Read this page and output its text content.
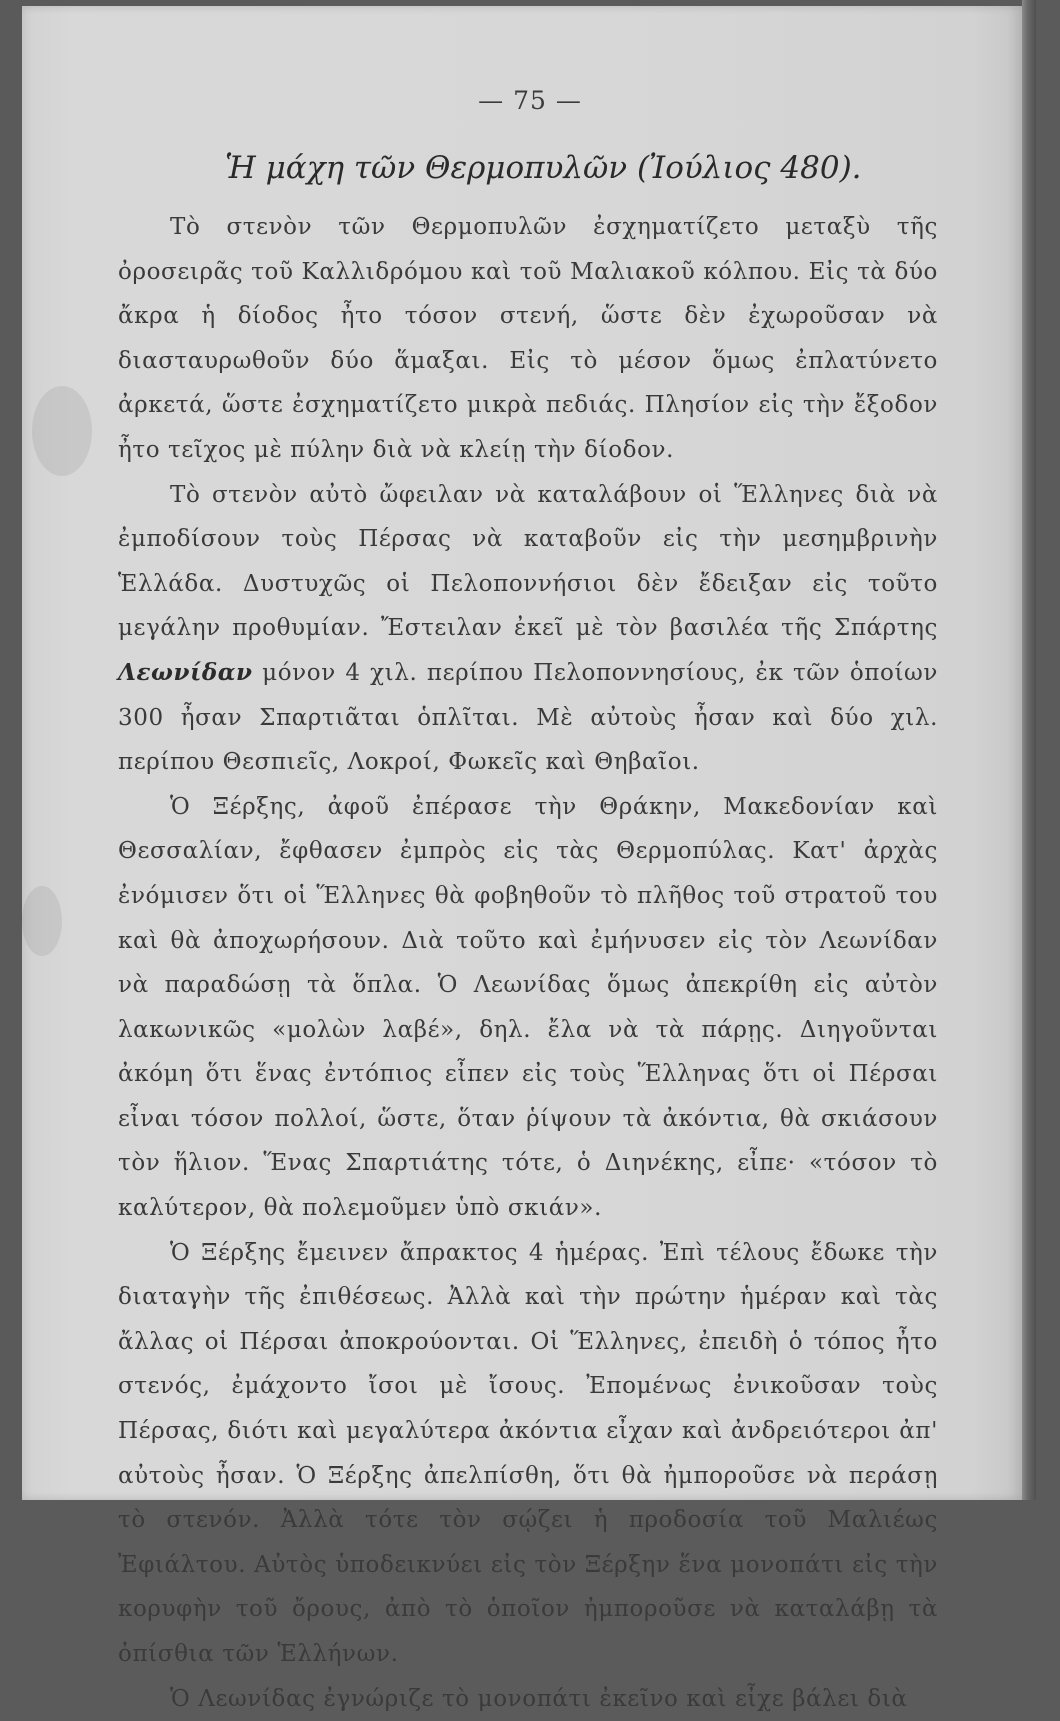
— 75 —
Ἡ μάχη τῶν Θερμοπυλῶν (Ἰούλιος 480).

Τὸ στενὸν τῶν Θερμοπυλῶν ἐσχηματίζετο μεταξὺ τῆς ὀροσειρᾶς τοῦ Καλλιδρόμου καὶ τοῦ Μαλιακοῦ κόλπου. Εἰς τὰ δύο ἄκρα ἡ δίοδος ἦτο τόσον στενή, ὥστε δὲν ἐχωροῦσαν νὰ διασταυρωθοῦν δύο ἅμαξαι. Εἰς τὸ μέσον ὅμως ἐπλατύνετο ἀρκετά, ὥστε ἐσχηματίζετο μικρὰ πεδιάς. Πλησίον εἰς τὴν ἔξοδον ἦτο τεῖχος μὲ πύλην διὰ νὰ κλείῃ τὴν δίοδον.

Τὸ στενὸν αὐτὸ ὤφειλαν νὰ καταλάβουν οἱ Ἕλληνες διὰ νὰ ἐμποδίσουν τοὺς Πέρσας νὰ καταβοῦν εἰς τὴν μεσημβρινὴν Ἑλλάδα. Δυστυχῶς οἱ Πελοποννήσιοι δὲν ἔδειξαν εἰς τοῦτο μεγάλην προθυμίαν. Ἔστειλαν ἐκεῖ μὲ τὸν βασιλέα τῆς Σπάρτης Λεωνίδαν μόνον 4 χιλ. περίπου Πελοποννησίους, ἐκ τῶν ὁποίων 300 ἦσαν Σπαρτιᾶται ὁπλῖται. Μὲ αὐτοὺς ἦσαν καὶ δύο χιλ. περίπου Θεσπιεῖς, Λοκροί, Φωκεῖς καὶ Θηβαῖοι.

Ὁ Ξέρξης, ἀφοῦ ἐπέρασε τὴν Θράκην, Μακεδονίαν καὶ Θεσσαλίαν, ἔφθασεν ἐμπρὸς εἰς τὰς Θερμοπύλας. Κατ' ἀρχὰς ἐνόμισεν ὅτι οἱ Ἕλληνες θὰ φοβηθοῦν τὸ πλῆθος τοῦ στρατοῦ του καὶ θὰ ἀποχωρήσουν. Διὰ τοῦτο καὶ ἐμήνυσεν εἰς τὸν Λεωνίδαν νὰ παραδώσῃ τὰ ὅπλα. Ὁ Λεωνίδας ὅμως ἀπεκρίθη εἰς αὐτὸν λακωνικῶς «μολὼν λαβέ», δηλ. ἔλα νὰ τὰ πάρῃς. Διηγοῦνται ἀκόμη ὅτι ἕνας ἐντόπιος εἶπεν εἰς τοὺς Ἕλληνας ὅτι οἱ Πέρσαι εἶναι τόσον πολλοί, ὥστε, ὅταν ῥίψουν τὰ ἀκόντια, θὰ σκιάσουν τὸν ἥλιον. Ἕνας Σπαρτιάτης τότε, ὁ Διηνέκης, εἶπε· «τόσον τὸ καλύτερον, θὰ πολεμοῦμεν ὑπὸ σκιάν».

Ὁ Ξέρξης ἔμεινεν ἄπρακτος 4 ἡμέρας. Ἐπὶ τέλους ἔδωκε τὴν διαταγὴν τῆς ἐπιθέσεως. Ἀλλὰ καὶ τὴν πρώτην ἡμέραν καὶ τὰς ἄλλας οἱ Πέρσαι ἀποκρούονται. Οἱ Ἕλληνες, ἐπειδὴ ὁ τόπος ἦτο στενός, ἐμάχοντο ἴσοι μὲ ἴσους. Ἐπομένως ἐνικοῦσαν τοὺς Πέρσας, διότι καὶ μεγαλύτερα ἀκόντια εἶχαν καὶ ἀνδρειότεροι ἀπ' αὐτοὺς ἦσαν. Ὁ Ξέρξης ἀπελπίσθη, ὅτι θὰ ἠμποροῦσε νὰ περάσῃ τὸ στενόν. Ἀλλὰ τότε τὸν σῴζει ἡ προδοσία τοῦ Μαλιέως Ἐφιάλτου. Αὐτὸς ὑποδεικνύει εἰς τὸν Ξέρξην ἕνα μονοπάτι εἰς τὴν κορυφὴν τοῦ ὄρους, ἀπὸ τὸ ὁποῖον ἠμποροῦσε νὰ καταλάβῃ τὰ ὀπίσθια τῶν Ἑλλήνων.

Ὁ Λεωνίδας ἐγνώριζε τὸ μονοπάτι ἐκεῖνο καὶ εἶχε βάλει διὰ
